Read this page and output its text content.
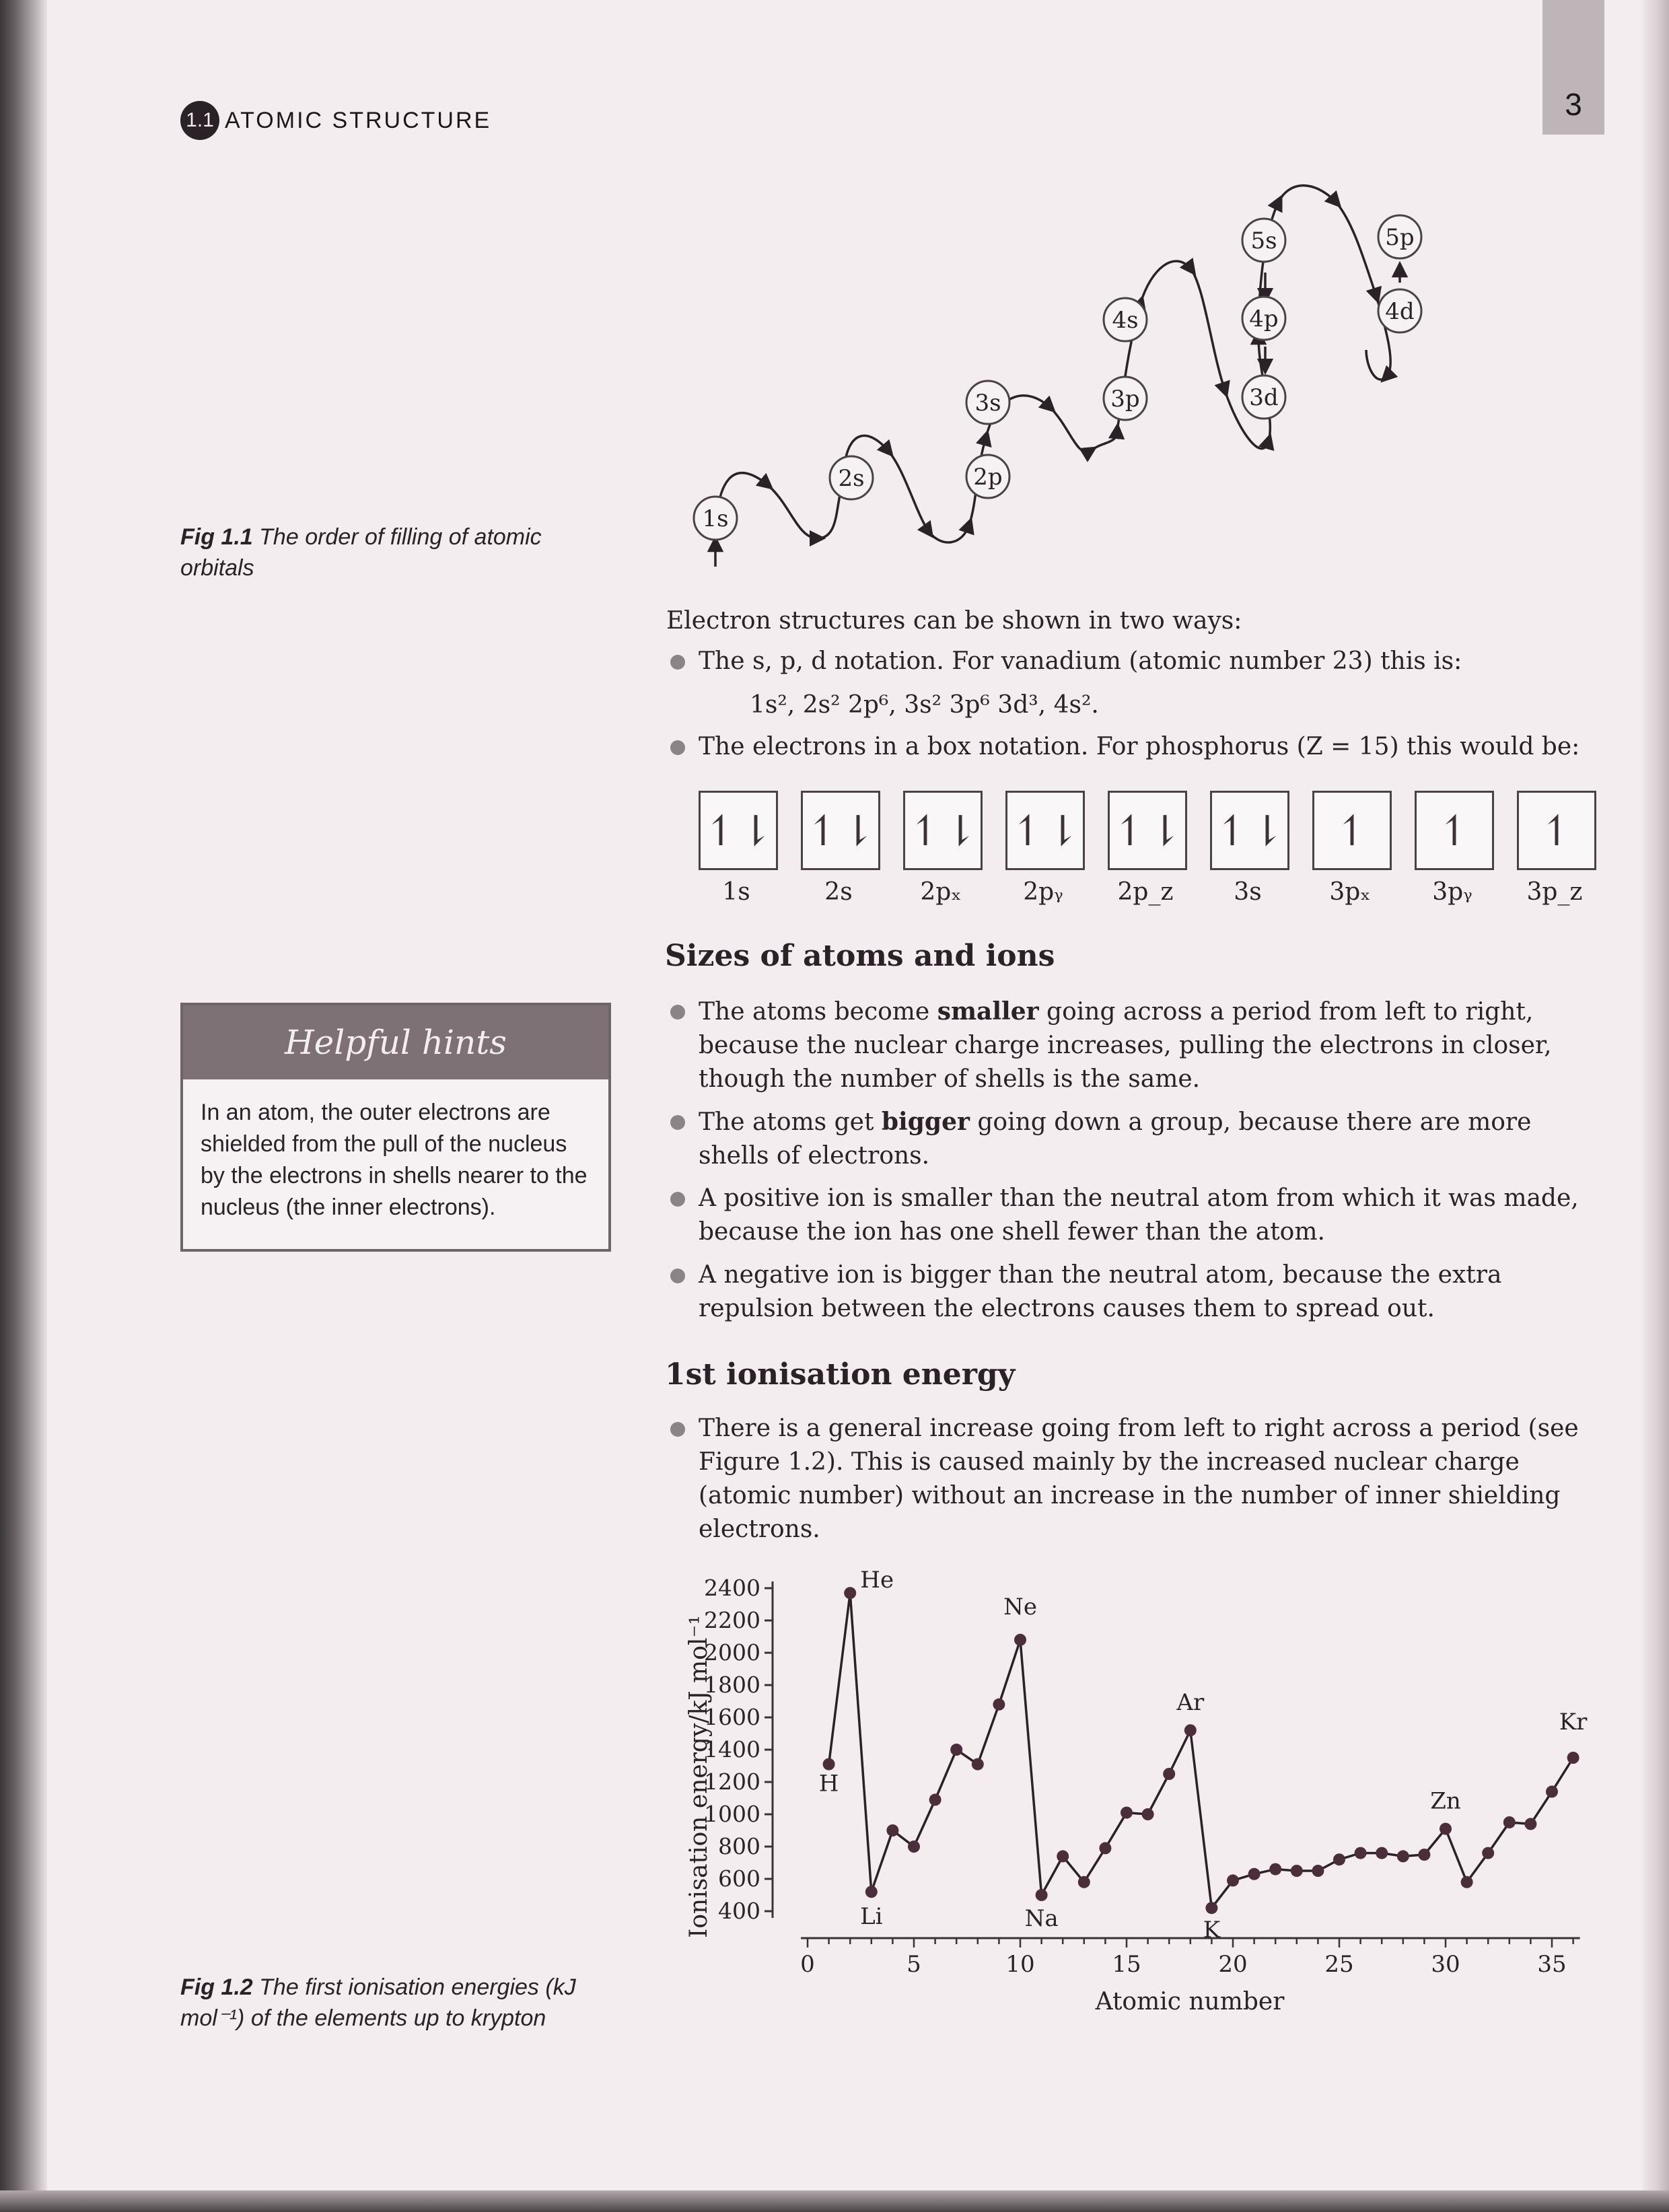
3
1.1 ATOMIC STRUCTURE
Fig 1.1 The order of filling of atomic orbitals
1s
2s	2p
3s	3p
4s
3d
4p
5s
4d
5p
Electron structures can be shown in two ways:
The s, p, d notation. For vanadium (atomic number 23) this is:
1s², 2s² 2p⁶, 3s² 3p⁶ 3d³, 4s².
The electrons in a box notation. For phosphorus (Z = 15) this would be:
↿⇂ ↿⇂ ↿⇂ ↿⇂ ↿⇂ ↿⇂	↿	↿	↿
1s	2s	2pₓ	2pᵧ	2p_z	3s	3pₓ	3pᵧ	3p_z
Sizes of atoms and ions
The atoms become smaller going across a period from left to right, because the nuclear charge increases, pulling the electrons in closer, though the number of shells is the same.
The atoms get bigger going down a group, because there are more shells of electrons.
A positive ion is smaller than the neutral atom from which it was made, because the ion has one shell fewer than the atom.
A negative ion is bigger than the neutral atom, because the extra repulsion between the electrons causes them to spread out.
Helpful hints
In an atom, the outer electrons are shielded from the pull of the nucleus by the electrons in shells nearer to the nucleus (the inner electrons).
1st ionisation energy
There is a general increase going from left to right across a period (see Figure 1.2). This is caused mainly by the increased nuclear charge (atomic number) without an increase in the number of inner shielding electrons.
Fig 1.2 The first ionisation energies (kJ mol⁻¹) of the elements up to krypton
400
600
800
1000
1200
1400
1600
1800
2000
2200
2400
0	5	10	15	20	25	30	35
H
He
Li
Ne
Na
Ar
K
Zn
Kr
Ionisation energy/kJ mol⁻¹
Atomic number
